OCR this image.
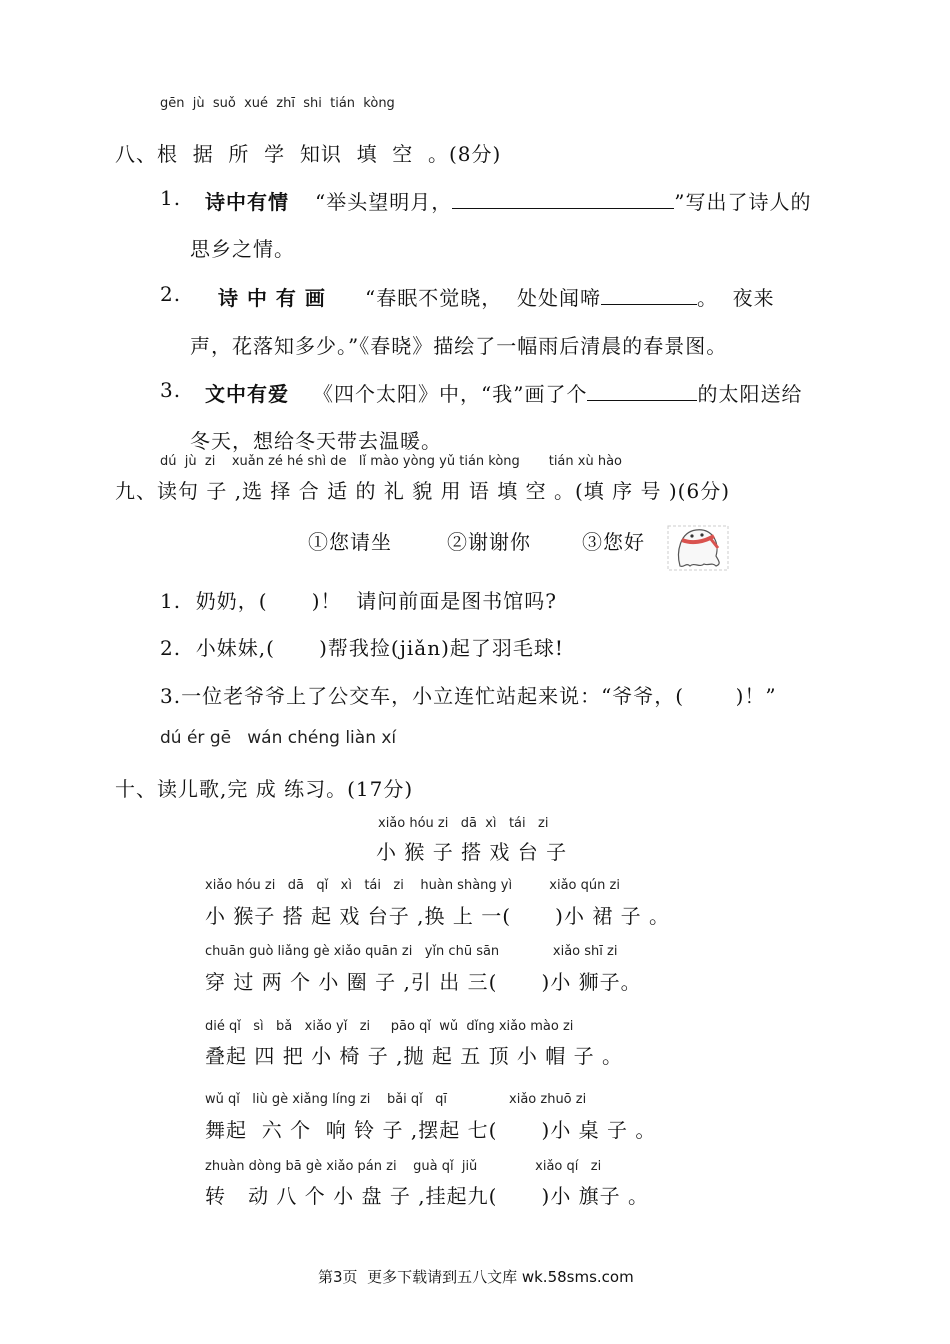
gēn  jù  suǒ  xué  zhī  shi  tián  kòng
八、根  据  所  学  知识  填  空  。(8分)
1. 诗中有情 “举头望明月，	”写出了诗人的
思乡之情。
2. 诗 中 有 画 “春眠不觉晓，  处处闻啼	。  夜来
声，花落知多少。”《春晓》描绘了一幅雨后清晨的春景图。
3. 文中有爱 《四个太阳》中，“我”画了个	的太阳送给
冬天，想给冬天带去温暖。
dú  jù  zi    xuǎn zé hé shì de   lǐ mào yòng yǔ tián kòng       tián xù hào
九、读句 子 ,选 择 合 适 的 礼 貌 用 语 填 空 。(填 序 号 )(6分)
①您请坐	②谢谢你	③您好

1.  奶奶，(      )！  请问前面是图书馆吗?
2.  小妹妹,(      )帮我捡(jiǎn)起了羽毛球!
3.一位老爷爷上了公交车，小立连忙站起来说：“爷爷，(       )！”
dú ér gē   wán chéng liàn xí
十、读儿歌,完 成 练习。(17分)
xiǎo hóu zi   dā  xì   tái   zi
小 猴 子 搭 戏 台 子
xiǎo hóu zi   dā   qǐ   xì   tái   zi    huàn shàng yì         xiǎo qún zi
小 猴子 搭 起 戏 台子 ,换 上 一(      )小 裙 子 。
chuān guò liǎng gè xiǎo quān zi   yǐn chū sān             xiǎo shī zi
穿 过 两 个 小 圈 子 ,引 出 三(      )小 狮子。
dié qǐ   sì   bǎ   xiǎo yǐ   zi     pāo qǐ  wǔ  dǐng xiǎo mào zi
叠起 四 把 小 椅 子 ,抛 起 五 顶 小 帽 子 。
wǔ qǐ   liù gè xiǎng líng zi    bǎi qǐ   qī               xiǎo zhuō zi
舞起  六 个  响 铃 子 ,摆起 七(      )小 桌 子 。
zhuàn dòng bā gè xiǎo pán zi    guà qǐ  jiǔ              xiǎo qí   zi
转   动 八 个 小 盘 子 ,挂起九(      )小 旗子 。
第3页  更多下载请到五八文库 wk.58sms.com
